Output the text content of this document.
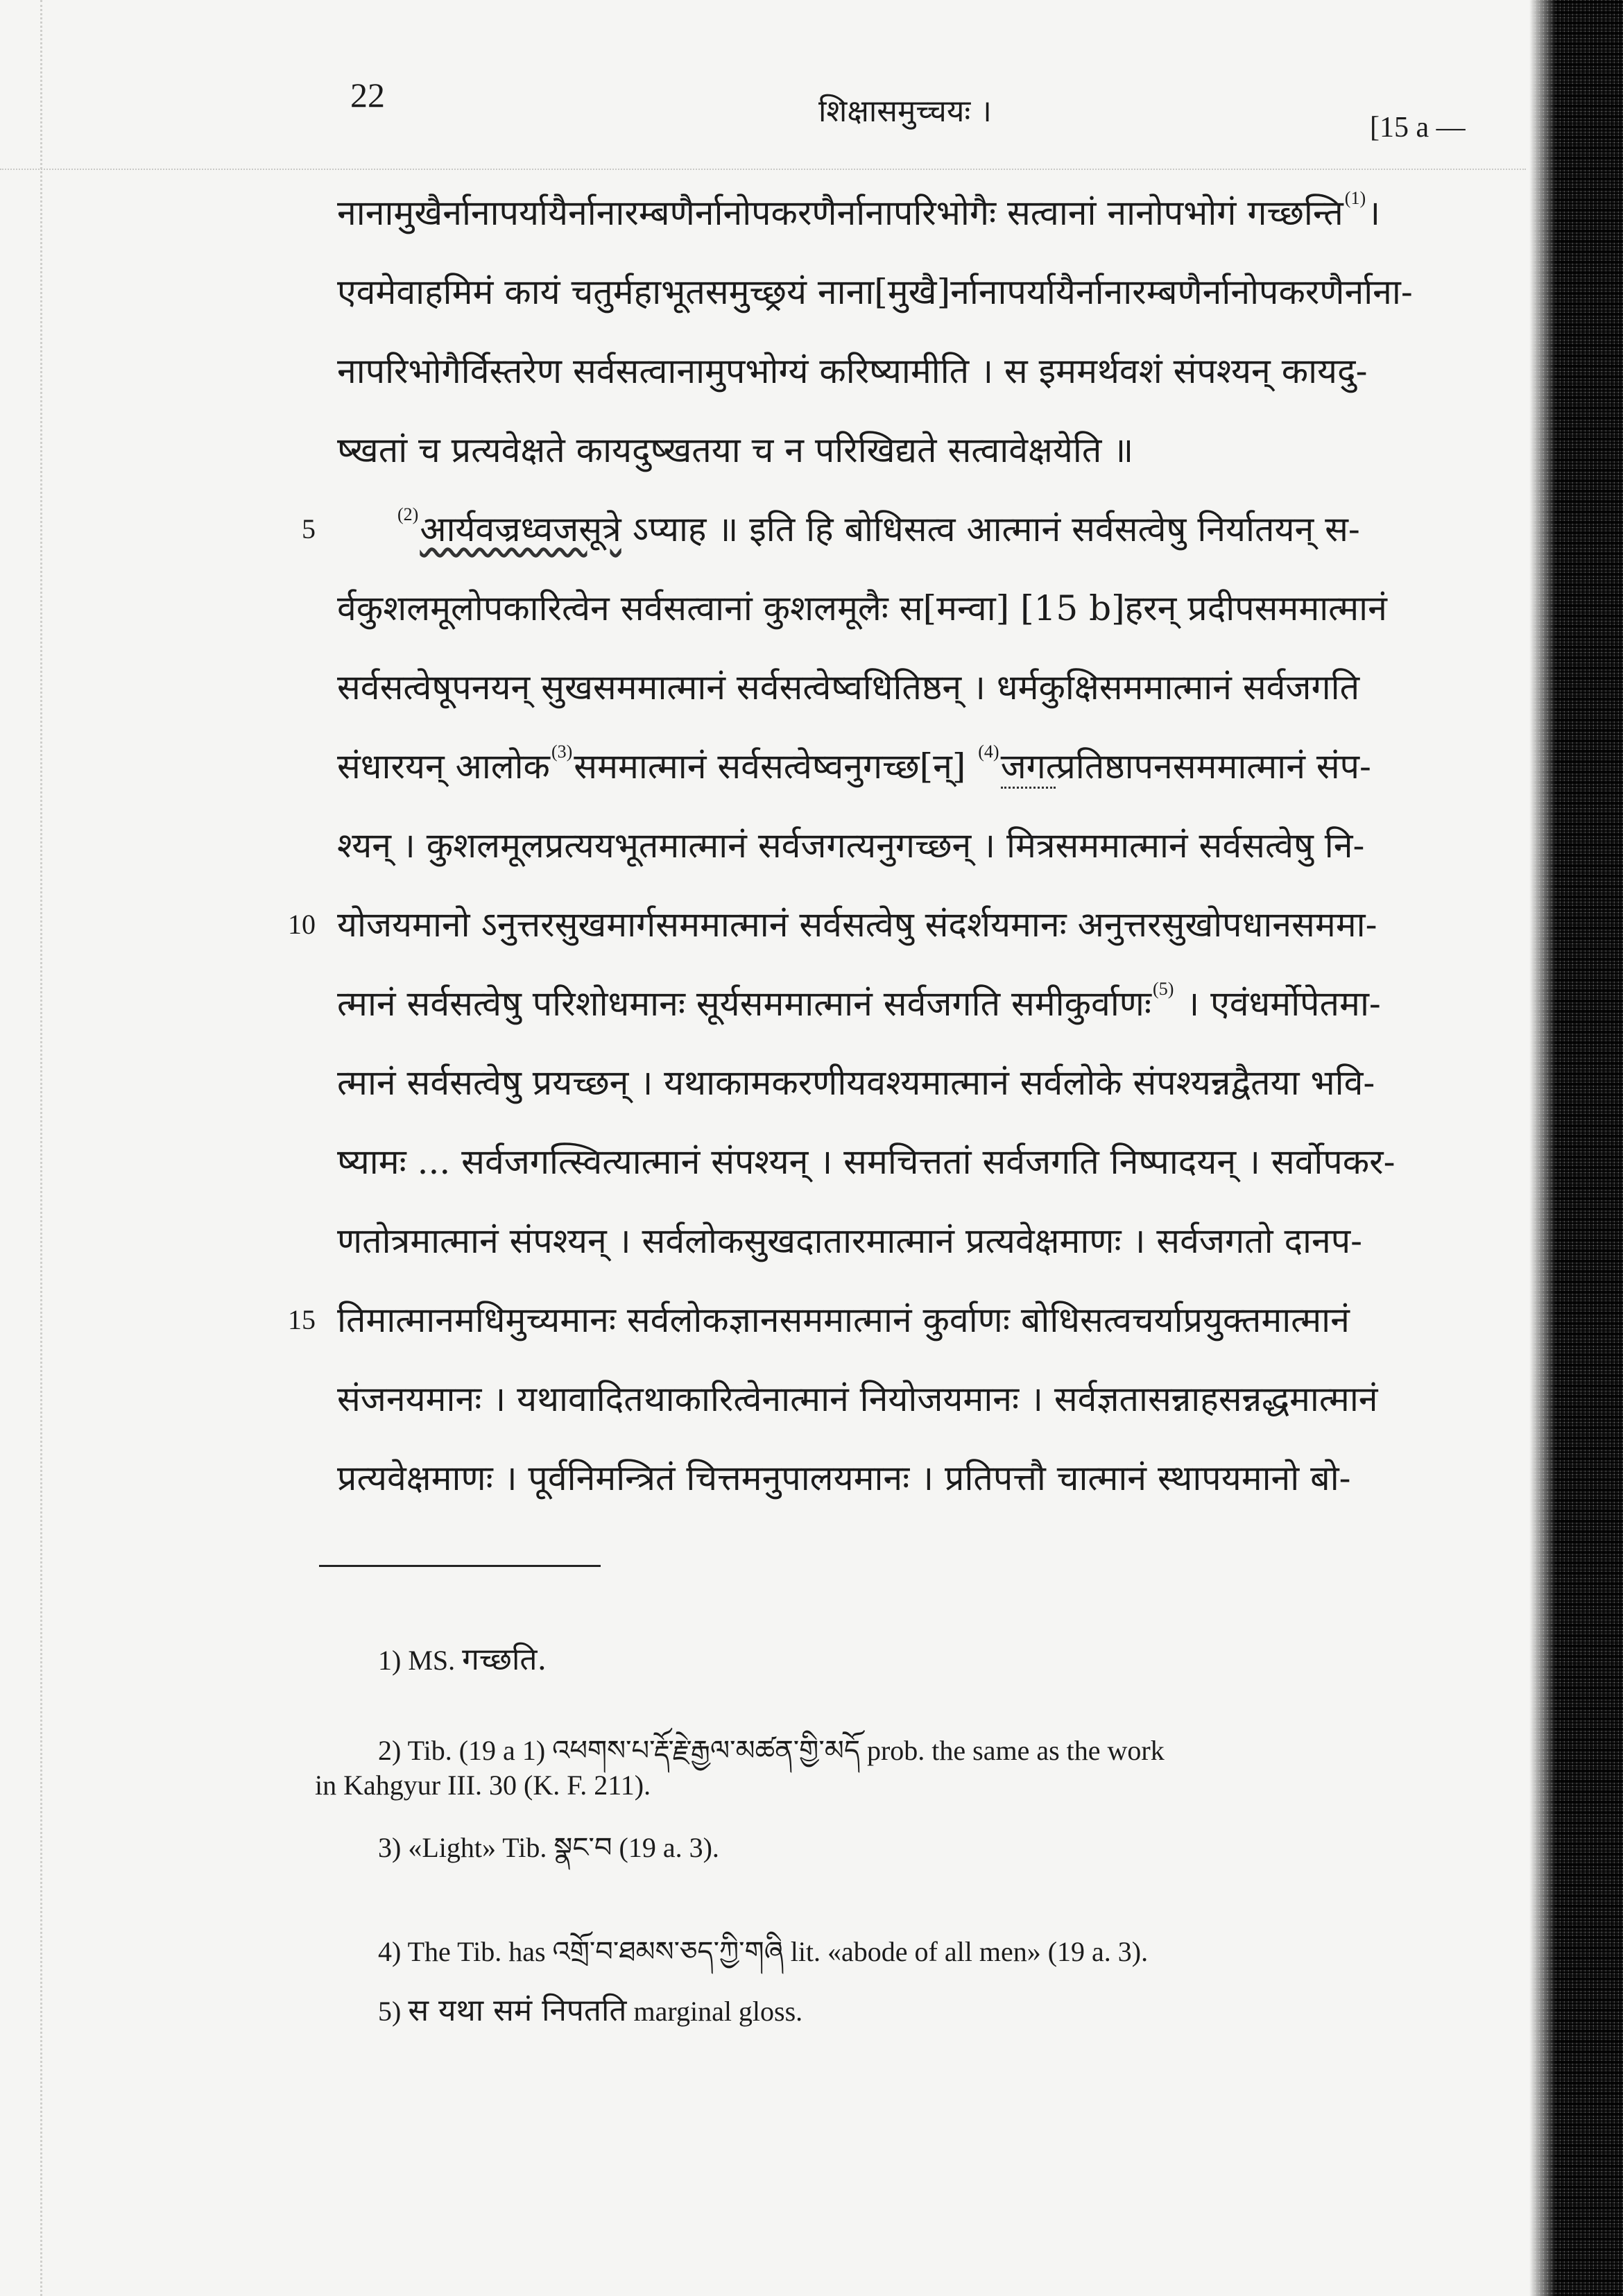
22	शिक्षासमुच्चयः ।	[15 a —
5
10
15
नानामुखैर्नानापर्यायैर्नानारम्बणैर्नानोपकरणैर्नानापरिभोगैः सत्वानां नानोपभोगं गच्छन्ति$^{(1)}$।
एवमेवाहमिमं कायं चतुर्महाभूतसमुच्छ्रयं नाना[मुखै]र्नानापर्यायैर्नानारम्बणैर्नानोपकरणैर्नाना-
नापरिभोगैर्विस्तरेण सर्वसत्वानामुपभोग्यं करिष्यामीति । स इममर्थवशं संपश्यन् कायदु-
ष्खतां च प्रत्यवेक्षते कायदुष्खतया च न परिखिद्यते सत्वावेक्षयेति ॥
$^{(2)}$आर्यवज्रध्वजसूत्रे ऽप्याह ॥ इति हि बोधिसत्व आत्मानं सर्वसत्वेषु निर्यातयन् स-
र्वकुशलमूलोपकारित्वेन सर्वसत्वानां कुशलमूलैः स[मन्वा] [15 b]हरन् प्रदीपसममात्मानं
सर्वसत्वेषूपनयन् सुखसममात्मानं सर्वसत्वेष्वधितिष्ठन् । धर्मकुक्षिसममात्मानं सर्वजगति
संधारयन् आलोक$^{(3)}$सममात्मानं सर्वसत्वेष्वनुगच्छ[न्] $^{(4)}$जगत्प्रतिष्ठापनसममात्मानं संप-
श्यन् । कुशलमूलप्रत्ययभूतमात्मानं सर्वजगत्यनुगच्छन् । मित्रसममात्मानं सर्वसत्वेषु नि-
योजयमानो ऽनुत्तरसुखमार्गसममात्मानं सर्वसत्वेषु संदर्शयमानः अनुत्तरसुखोपधानसममा-
त्मानं सर्वसत्वेषु परिशोधमानः सूर्यसममात्मानं सर्वजगति समीकुर्वाणः$^{(5)}$ । एवंधर्मोपेतमा-
त्मानं सर्वसत्वेषु प्रयच्छन् । यथाकामकरणीयवश्यमात्मानं सर्वलोके संपश्यन्नद्वैतया भवि-
ष्यामः ... सर्वजगत्स्वित्यात्मानं संपश्यन् । समचित्ततां सर्वजगति निष्पादयन् । सर्वोपकर-
णतोत्रमात्मानं संपश्यन् । सर्वलोकसुखदातारमात्मानं प्रत्यवेक्षमाणः । सर्वजगतो दानप-
तिमात्मानमधिमुच्यमानः सर्वलोकज्ञानसममात्मानं कुर्वाणः बोधिसत्वचर्याप्रयुक्तमात्मानं
संजनयमानः । यथावादितथाकारित्वेनात्मानं नियोजयमानः । सर्वज्ञतासन्नाहसन्नद्धमात्मानं
प्रत्यवेक्षमाणः । पूर्वनिमन्त्रितं चित्तमनुपालयमानः । प्रतिपत्तौ चात्मानं स्थापयमानो बो-
1) MS. गच्छति.
2) Tib. (19 a 1) འཕགས་པ་རྡོ་རྗེ་རྒྱལ་མཚན་གྱི་མདོ prob. the same as the work
in Kahgyur III. 30 (K. F. 211).
3) «Light» Tib. སྣང་བ (19 a. 3).
4) The Tib. has འགྲོ་བ་ཐམས་ཅད་ཀྱི་གཞི lit. «abode of all men» (19 a. 3).
5) स यथा समं निपतति marginal gloss.
